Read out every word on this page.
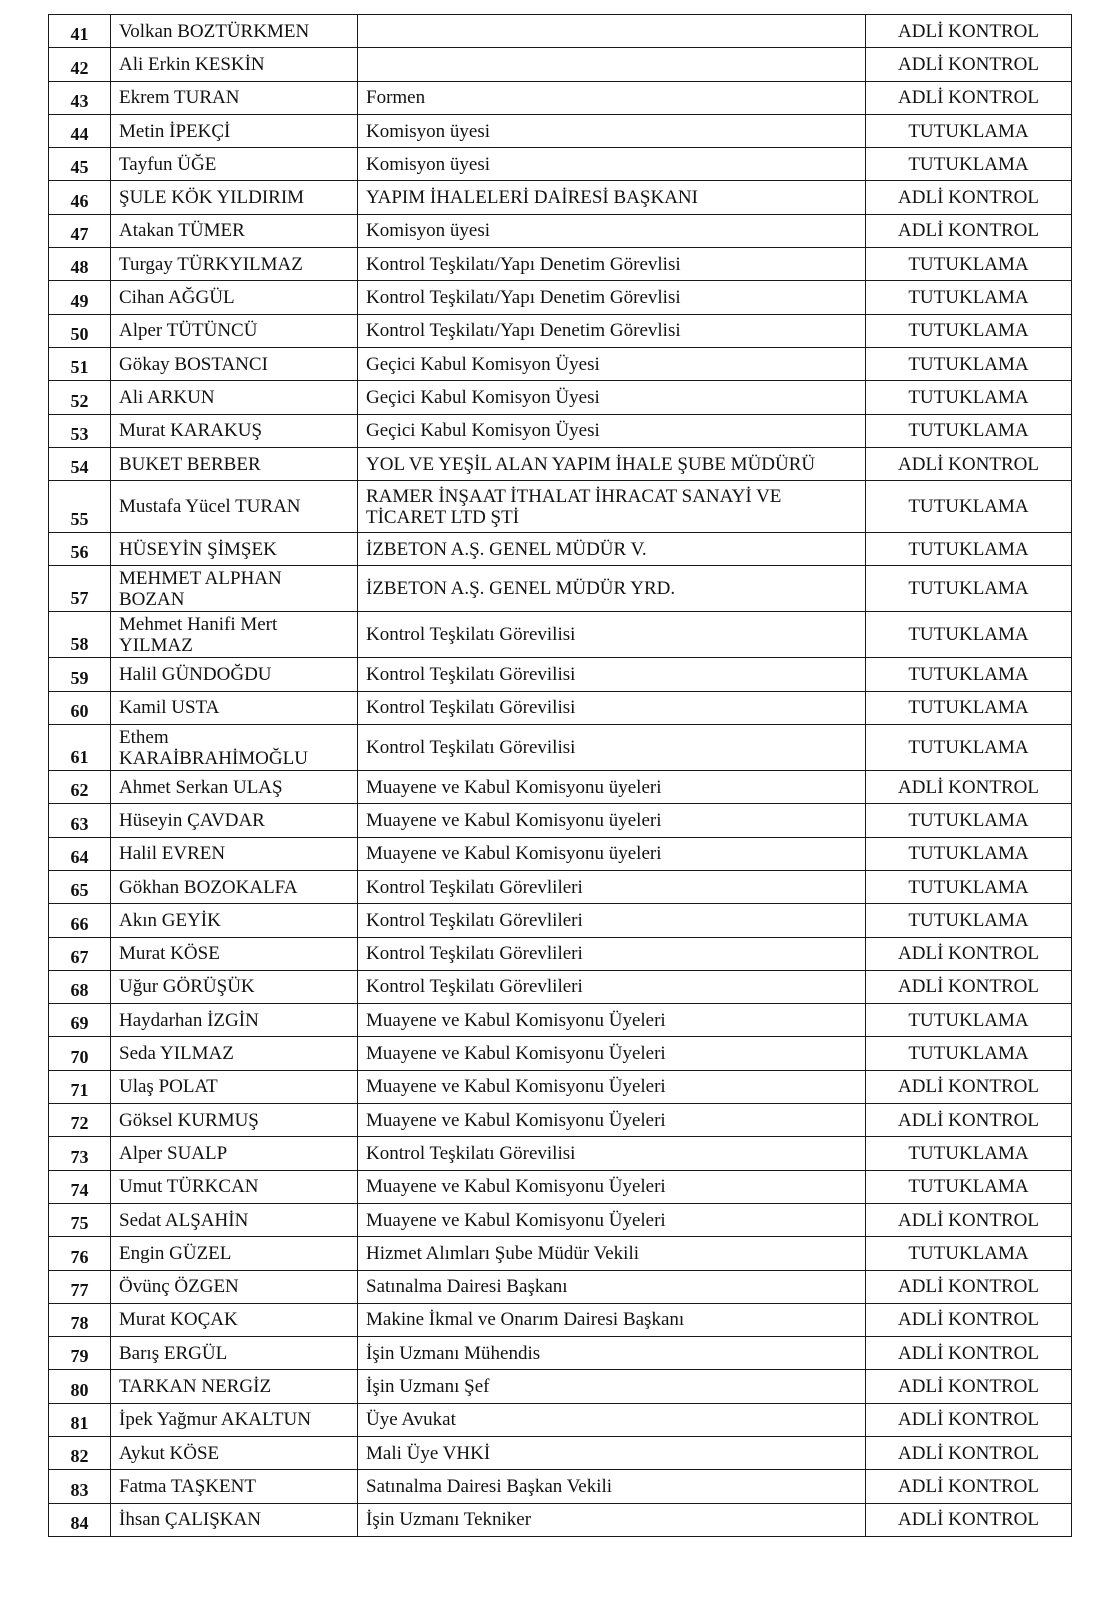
41	Volkan BOZTÜRKMEN		ADLİ KONTROL
42	Ali Erkin KESKİN		ADLİ KONTROL
43	Ekrem TURAN	Formen	ADLİ KONTROL
44	Metin İPEKÇİ	Komisyon üyesi	TUTUKLAMA
45	Tayfun ÜĞE	Komisyon üyesi	TUTUKLAMA
46	ŞULE KÖK YILDIRIM	YAPIM İHALELERİ DAİRESİ BAŞKANI	ADLİ KONTROL
47	Atakan TÜMER	Komisyon üyesi	ADLİ KONTROL
48	Turgay TÜRKYILMAZ	Kontrol Teşkilatı/Yapı Denetim Görevlisi	TUTUKLAMA
49	Cihan AĞGÜL	Kontrol Teşkilatı/Yapı Denetim Görevlisi	TUTUKLAMA
50	Alper TÜTÜNCÜ	Kontrol Teşkilatı/Yapı Denetim Görevlisi	TUTUKLAMA
51	Gökay BOSTANCI	Geçici Kabul Komisyon Üyesi	TUTUKLAMA
52	Ali ARKUN	Geçici Kabul Komisyon Üyesi	TUTUKLAMA
53	Murat KARAKUŞ	Geçici Kabul Komisyon Üyesi	TUTUKLAMA
54	BUKET BERBER	YOL VE YEŞİL ALAN YAPIM İHALE ŞUBE MÜDÜRÜ	ADLİ KONTROL
55	Mustafa Yücel TURAN	RAMER İNŞAAT İTHALAT İHRACAT SANAYİ VE TİCARET LTD ŞTİ	TUTUKLAMA
56	HÜSEYİN ŞİMŞEK	İZBETON A.Ş. GENEL MÜDÜR V.	TUTUKLAMA
57	MEHMET ALPHAN BOZAN	İZBETON A.Ş. GENEL MÜDÜR YRD.	TUTUKLAMA
58	Mehmet Hanifi Mert YILMAZ	Kontrol Teşkilatı Görevilisi	TUTUKLAMA
59	Halil GÜNDOĞDU	Kontrol Teşkilatı Görevilisi	TUTUKLAMA
60	Kamil USTA	Kontrol Teşkilatı Görevilisi	TUTUKLAMA
61	Ethem KARAİBRAHİMOĞLU	Kontrol Teşkilatı Görevilisi	TUTUKLAMA
62	Ahmet Serkan ULAŞ	Muayene ve Kabul Komisyonu üyeleri	ADLİ KONTROL
63	Hüseyin ÇAVDAR	Muayene ve Kabul Komisyonu üyeleri	TUTUKLAMA
64	Halil EVREN	Muayene ve Kabul Komisyonu üyeleri	TUTUKLAMA
65	Gökhan BOZOKALFA	Kontrol Teşkilatı Görevlileri	TUTUKLAMA
66	Akın GEYİK	Kontrol Teşkilatı Görevlileri	TUTUKLAMA
67	Murat KÖSE	Kontrol Teşkilatı Görevlileri	ADLİ KONTROL
68	Uğur GÖRÜŞÜK	Kontrol Teşkilatı Görevlileri	ADLİ KONTROL
69	Haydarhan İZGİN	Muayene ve Kabul Komisyonu Üyeleri	TUTUKLAMA
70	Seda YILMAZ	Muayene ve Kabul Komisyonu Üyeleri	TUTUKLAMA
71	Ulaş POLAT	Muayene ve Kabul Komisyonu Üyeleri	ADLİ KONTROL
72	Göksel KURMUŞ	Muayene ve Kabul Komisyonu Üyeleri	ADLİ KONTROL
73	Alper SUALP	Kontrol Teşkilatı Görevilisi	TUTUKLAMA
74	Umut TÜRKCAN	Muayene ve Kabul Komisyonu Üyeleri	TUTUKLAMA
75	Sedat ALŞAHİN	Muayene ve Kabul Komisyonu Üyeleri	ADLİ KONTROL
76	Engin GÜZEL	Hizmet Alımları Şube Müdür Vekili	TUTUKLAMA
77	Övünç ÖZGEN	Satınalma Dairesi Başkanı	ADLİ KONTROL
78	Murat KOÇAK	Makine İkmal ve Onarım Dairesi Başkanı	ADLİ KONTROL
79	Barış ERGÜL	İşin Uzmanı Mühendis	ADLİ KONTROL
80	TARKAN NERGİZ	İşin Uzmanı Şef	ADLİ KONTROL
81	İpek Yağmur AKALTUN	Üye Avukat	ADLİ KONTROL
82	Aykut KÖSE	Mali Üye VHKİ	ADLİ KONTROL
83	Fatma TAŞKENT	Satınalma Dairesi Başkan Vekili	ADLİ KONTROL
84	İhsan ÇALIŞKAN	İşin Uzmanı Tekniker	ADLİ KONTROL
